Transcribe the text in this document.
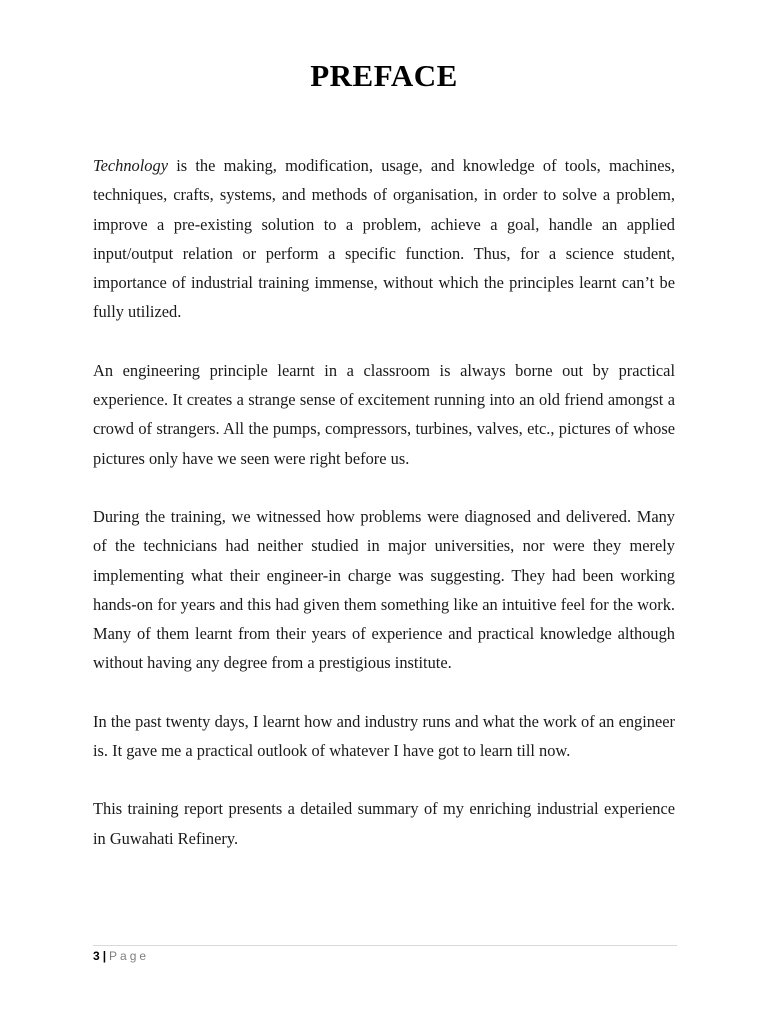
PREFACE

Technology is the making, modification, usage, and knowledge of tools, machines, techniques, crafts, systems, and methods of organisation, in order to solve a problem, improve a pre-existing solution to a problem, achieve a goal, handle an applied input/output relation or perform a specific function. Thus, for a science student, importance of industrial training immense, without which the principles learnt can’t be fully utilized.

An engineering principle learnt in a classroom is always borne out by practical experience. It creates a strange sense of excitement running into an old friend amongst a crowd of strangers. All the pumps, compressors, turbines, valves, etc., pictures of whose pictures only have we seen were right before us.

During the training, we witnessed how problems were diagnosed and delivered. Many of the technicians had neither studied in major universities, nor were they merely implementing what their engineer-in charge was suggesting. They had been working hands-on for years and this had given them something like an intuitive feel for the work. Many of them learnt from their years of experience and practical knowledge although without having any degree from a prestigious institute.

In the past twenty days, I learnt how and industry runs and what the work of an engineer is. It gave me a practical outlook of whatever I have got to learn till now.

This training report presents a detailed summary of my enriching industrial experience in Guwahati Refinery.

3 | Page
